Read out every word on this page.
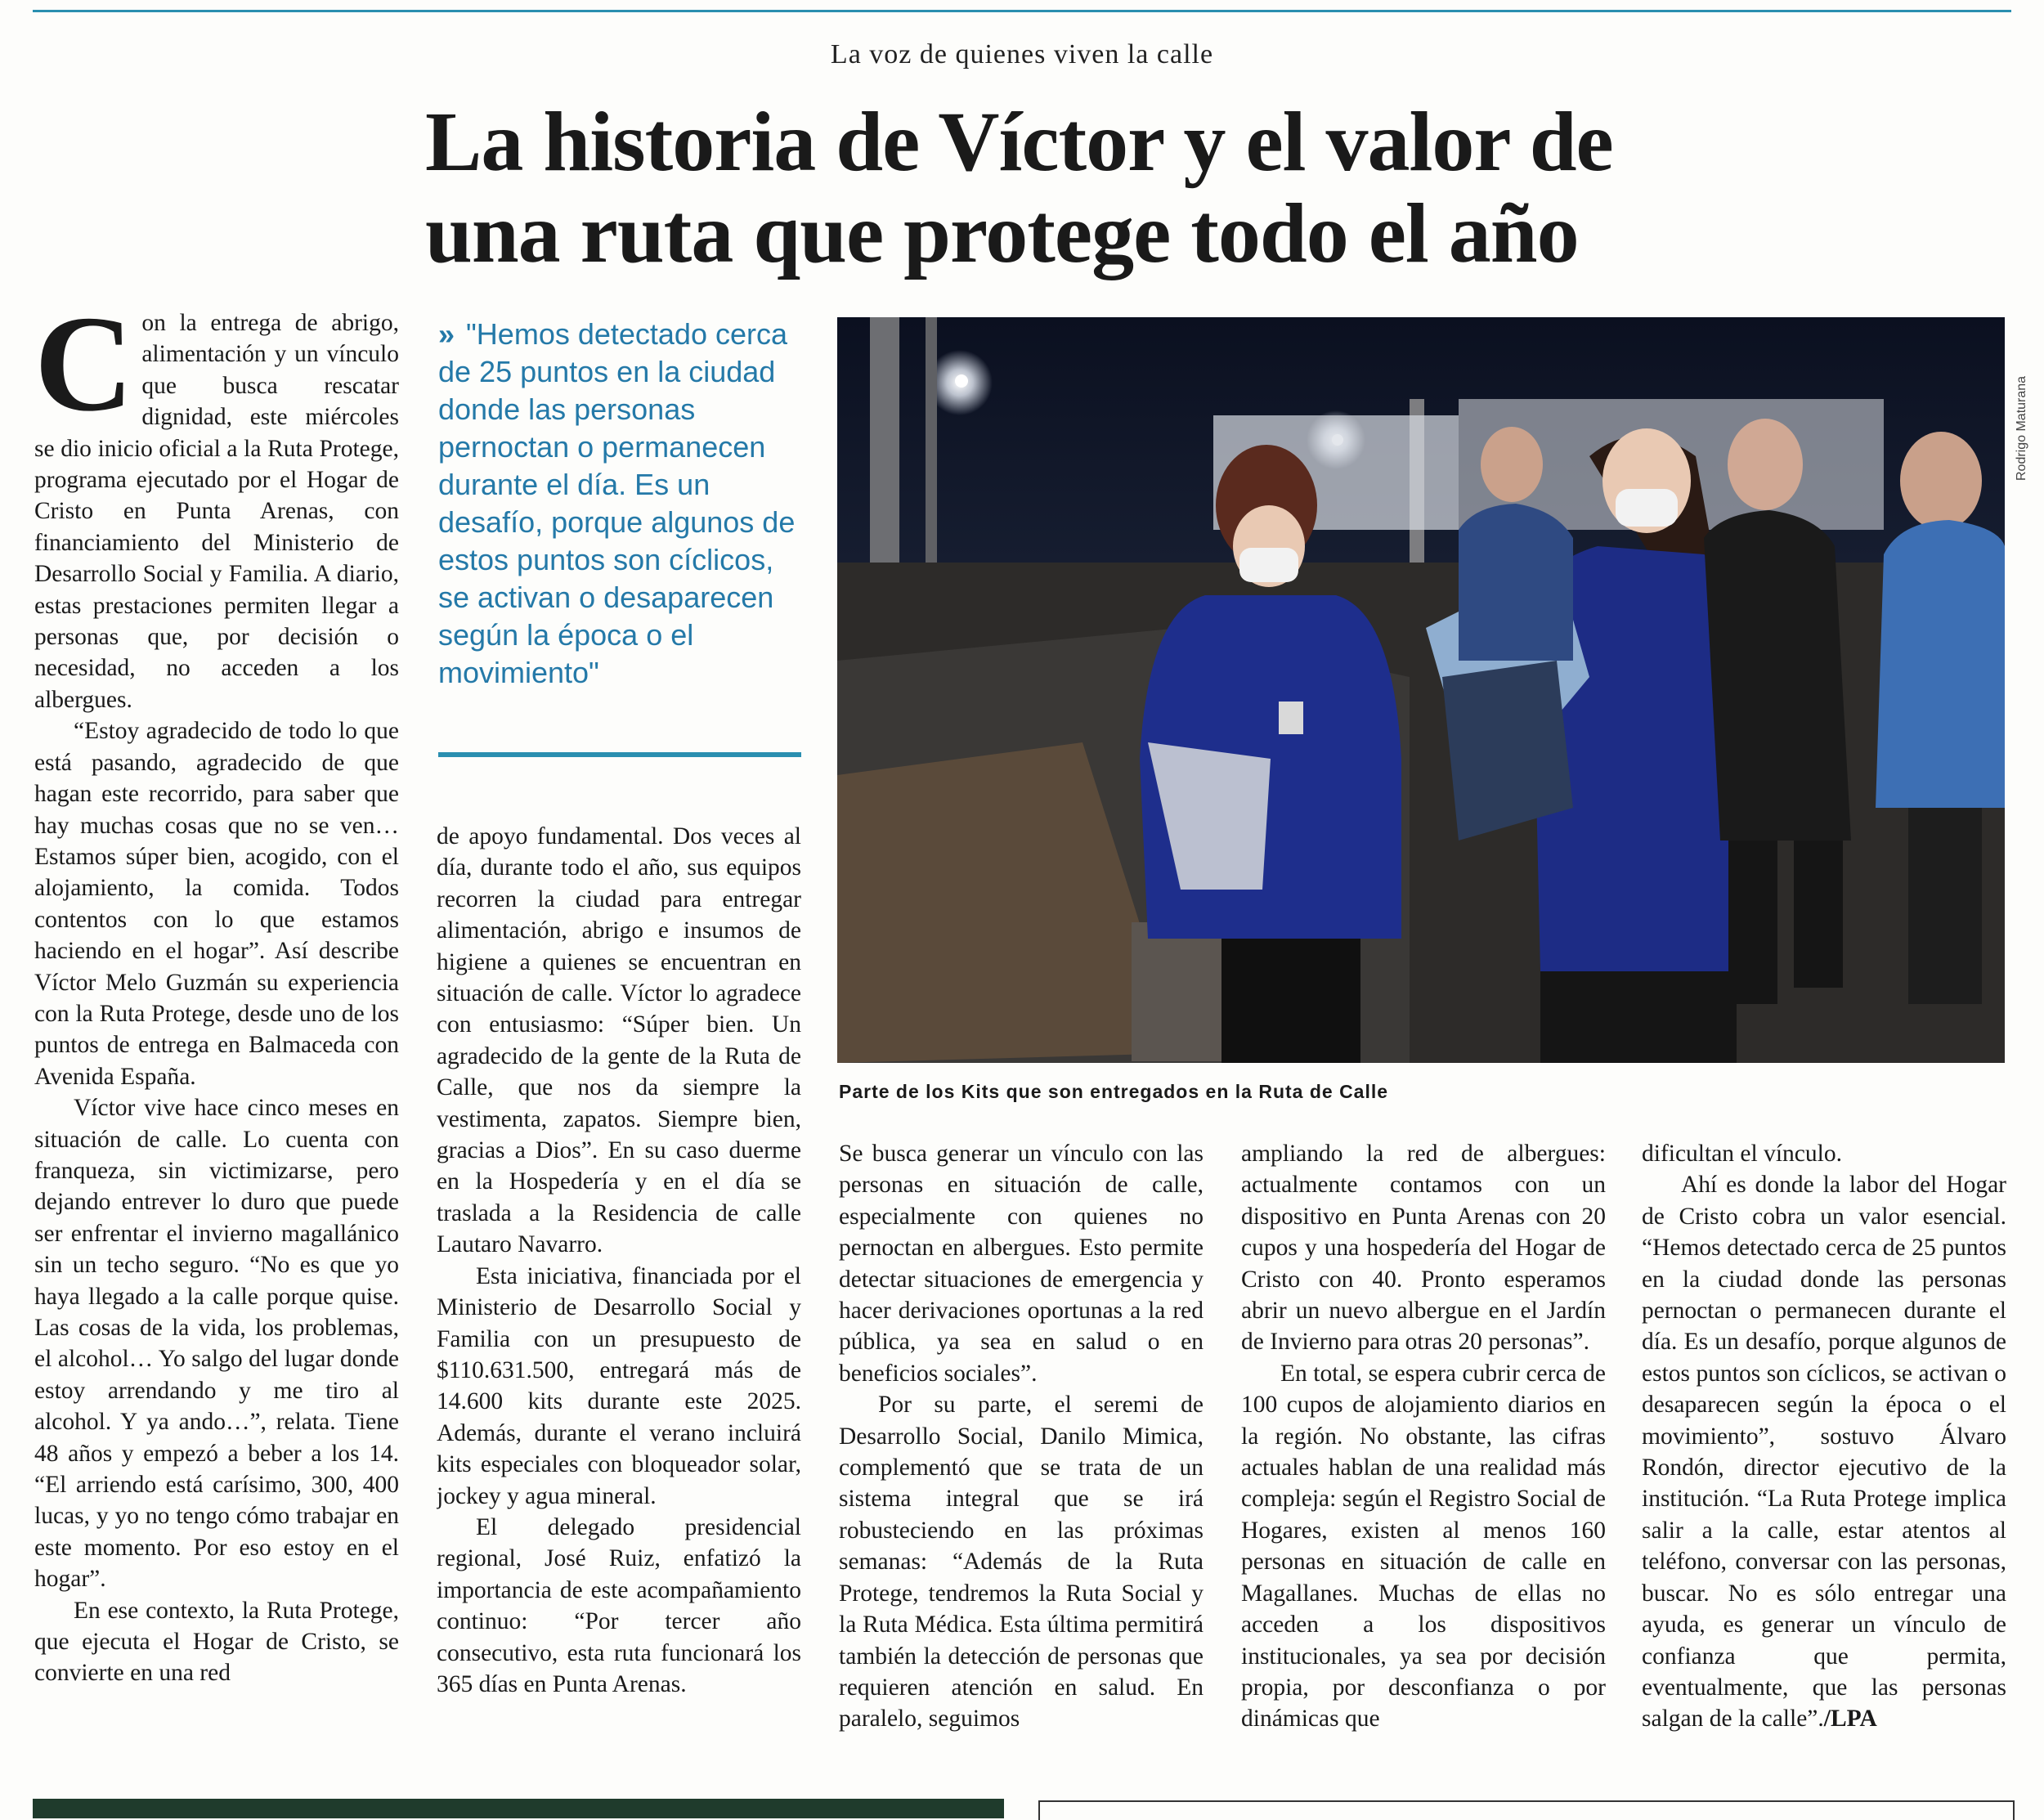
La voz de quienes viven la calle
La historia de Víctor y el valor de
una ruta que protege todo el año

Con la entrega de abrigo, alimentación y un vínculo que busca rescatar dignidad, este miércoles se dio inicio oficial a la Ruta Protege, programa ejecutado por el Hogar de Cristo en Punta Arenas, con financiamiento del Ministerio de Desarrollo Social y Familia. A diario, estas prestaciones permiten llegar a personas que, por decisión o necesidad, no acceden a los albergues.

“Estoy agradecido de todo lo que está pasando, agradecido de que hagan este recorrido, para saber que hay muchas cosas que no se ven… Estamos súper bien, acogido, con el alojamiento, la comida. Todos contentos con lo que estamos haciendo en el hogar”. Así describe Víctor Melo Guzmán su experiencia con la Ruta Protege, desde uno de los puntos de entrega en Balmaceda con Avenida España.

Víctor vive hace cinco meses en situación de calle. Lo cuenta con franqueza, sin victimizarse, pero dejando entrever lo duro que puede ser enfrentar el invierno magallánico sin un techo seguro. “No es que yo haya llegado a la calle porque quise. Las cosas de la vida, los problemas, el alcohol… Yo salgo del lugar donde estoy arrendando y me tiro al alcohol. Y ya ando…”, relata. Tiene 48 años y empezó a beber a los 14. “El arriendo está carísimo, 300, 400 lucas, y yo no tengo cómo trabajar en este momento. Por eso estoy en el hogar”.

En ese contexto, la Ruta Protege, que ejecuta el Hogar de Cristo, se convierte en una red

» "Hemos detectado cerca de 25 puntos en la ciudad donde las personas pernoctan o permanecen durante el día. Es un desafío, porque algunos de estos puntos son cíclicos, se activan o desaparecen según la época o el movimiento"

de apoyo fundamental. Dos veces al día, durante todo el año, sus equipos recorren la ciudad para entregar alimentación, abrigo e insumos de higiene a quienes se encuentran en situación de calle. Víctor lo agradece con entusiasmo: “Súper bien. Un agradecido de la gente de la Ruta de Calle, que nos da siempre la vestimenta, zapatos. Siempre bien, gracias a Dios”. En su caso duerme en la Hospedería y en el día se traslada a la Residencia de calle Lautaro Navarro.

Esta iniciativa, financiada por el Ministerio de Desarrollo Social y Familia con un presupuesto de $110.631.500, entregará más de 14.600 kits durante este 2025. Además, durante el verano incluirá kits especiales con bloqueador solar, jockey y agua mineral.

El delegado presidencial regional, José Ruiz, enfatizó la importancia de este acompañamiento continuo: “Por tercer año consecutivo, esta ruta funcionará los 365 días en Punta Arenas.

Rodrigo Maturana
Parte de los Kits que son entregados en la Ruta de Calle

Se busca generar un vínculo con las personas en situación de calle, especialmente con quienes no pernoctan en albergues. Esto permite detectar situaciones de emergencia y hacer derivaciones oportunas a la red pública, ya sea en salud o en beneficios sociales”.

Por su parte, el seremi de Desarrollo Social, Danilo Mimica, complementó que se trata de un sistema integral que se irá robusteciendo en las próximas semanas: “Además de la Ruta Protege, tendremos la Ruta Social y la Ruta Médica. Esta última permitirá también la detección de personas que requieren atención en salud. En paralelo, seguimos

ampliando la red de albergues: actualmente contamos con un dispositivo en Punta Arenas con 20 cupos y una hospedería del Hogar de Cristo con 40. Pronto esperamos abrir un nuevo albergue en el Jardín de Invierno para otras 20 personas”.

En total, se espera cubrir cerca de 100 cupos de alojamiento diarios en la región. No obstante, las cifras actuales hablan de una realidad más compleja: según el Registro Social de Hogares, existen al menos 160 personas en situación de calle en Magallanes. Muchas de ellas no acceden a los dispositivos institucionales, ya sea por decisión propia, por desconfianza o por dinámicas que

dificultan el vínculo.

Ahí es donde la labor del Hogar de Cristo cobra un valor esencial. “Hemos detectado cerca de 25 puntos en la ciudad donde las personas pernoctan o permanecen durante el día. Es un desafío, porque algunos de estos puntos son cíclicos, se activan o desaparecen según la época o el movimiento”, sostuvo Álvaro Rondón, director ejecutivo de la institución. “La Ruta Protege implica salir a la calle, estar atentos al teléfono, conversar con las personas, buscar. No es sólo entregar una ayuda, es generar un vínculo de confianza que permita, eventualmente, que las personas salgan de la calle”./LPA
